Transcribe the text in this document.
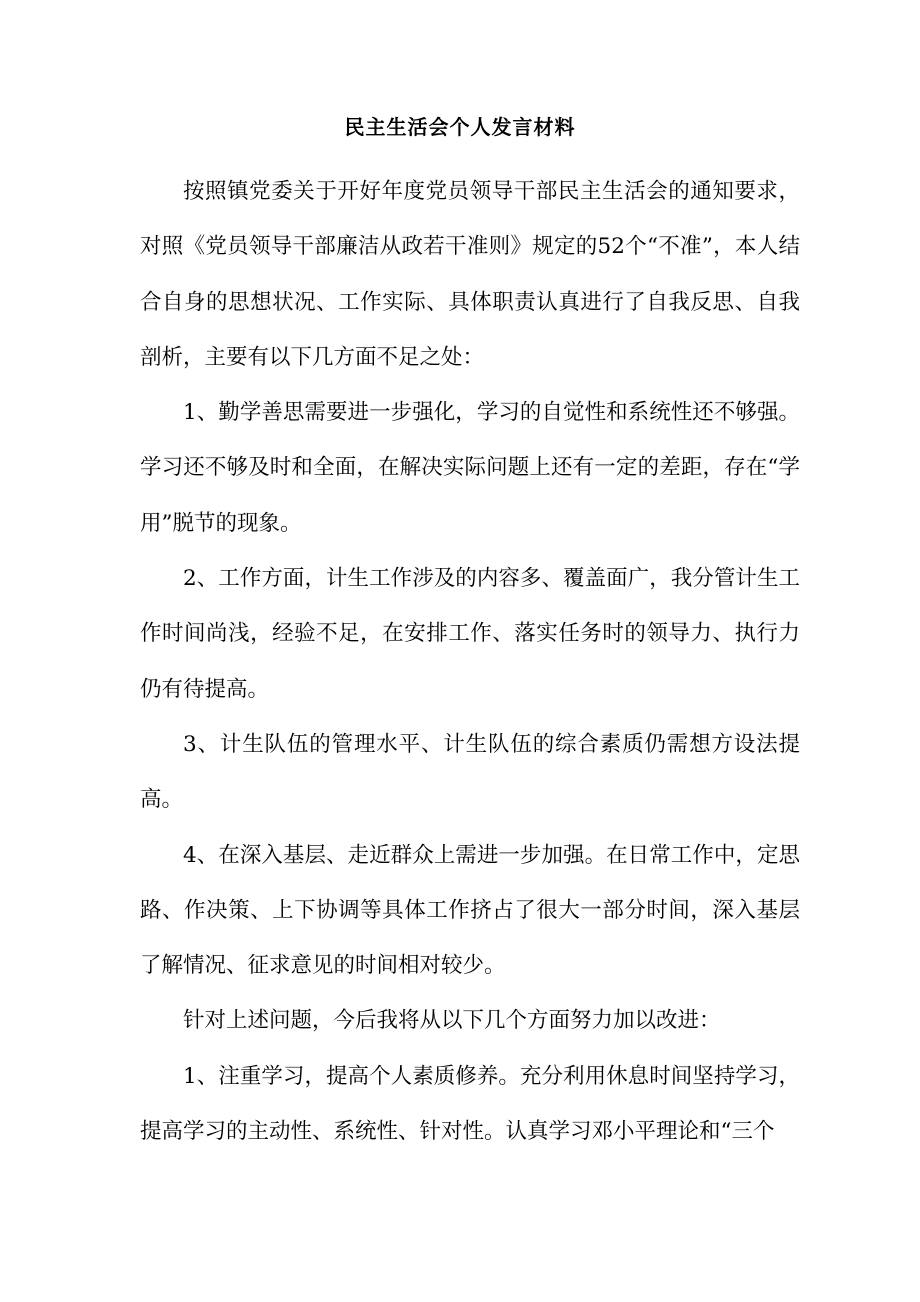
民主生活会个人发言材料

按照镇党委关于开好年度党员领导干部民主生活会的通知要求，对照《党员领导干部廉洁从政若干准则》规定的52个“不准”，本人结合自身的思想状况、工作实际、具体职责认真进行了自我反思、自我剖析，主要有以下几方面不足之处：

1、勤学善思需要进一步强化，学习的自觉性和系统性还不够强。学习还不够及时和全面，在解决实际问题上还有一定的差距，存在“学用”脱节的现象。

2、工作方面，计生工作涉及的内容多、覆盖面广，我分管计生工作时间尚浅，经验不足，在安排工作、落实任务时的领导力、执行力仍有待提高。

3、计生队伍的管理水平、计生队伍的综合素质仍需想方设法提高。

4、在深入基层、走近群众上需进一步加强。在日常工作中，定思路、作决策、上下协调等具体工作挤占了很大一部分时间，深入基层了解情况、征求意见的时间相对较少。

针对上述问题，今后我将从以下几个方面努力加以改进：

1、注重学习，提高个人素质修养。充分利用休息时间坚持学习，提高学习的主动性、系统性、针对性。认真学习邓小平理论和“三个
